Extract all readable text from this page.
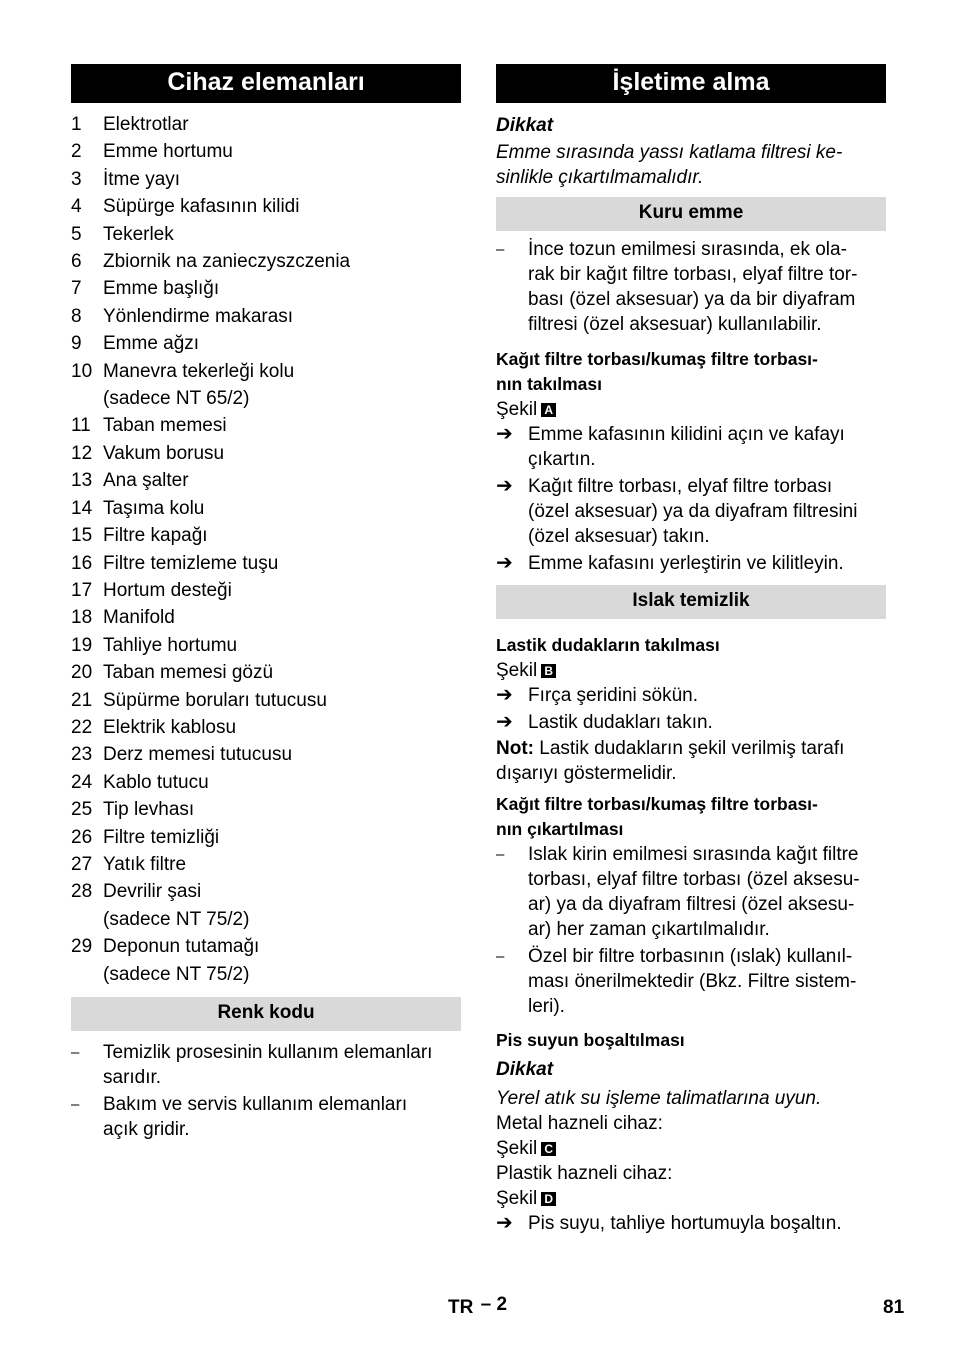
Cihaz elemanları
1	Elektrotlar
2	Emme hortumu
3	İtme yayı
4	Süpürge kafasının kilidi
5	Tekerlek
6	Zbiornik na zanieczyszczenia
7	Emme başlığı
8	Yönlendirme makarası
9	Emme ağzı
10 Manevra tekerleği kolu
(sadece NT 65/2)
11 Taban memesi
12 Vakum borusu
13 Ana şalter
14 Taşıma kolu
15 Filtre kapağı
16 Filtre temizleme tuşu
17 Hortum desteği
18 Manifold
19 Tahliye hortumu
20 Taban memesi gözü
21 Süpürme boruları tutucusu
22 Elektrik kablosu
23 Derz memesi tutucusu
24 Kablo tutucu
25 Tip levhası
26 Filtre temizliği
27 Yatık filtre
28 Devrilir şasi
(sadece NT 75/2)
29 Deponun tutamağı
(sadece NT 75/2)
Renk kodu
–	Temizlik prosesinin kullanım elemanları
sarıdır.
–	Bakım ve servis kullanım elemanları
açık gridir.
İşletime alma

Dikkat

Emme sırasında yassı katlama filtresi ke-
sinlikle çıkartılmamalıdır.

Kuru emme
–	İnce tozun emilmesi sırasında, ek ola-
rak bir kağıt filtre torbası, elyaf filtre tor-
bası (özel aksesuar) ya da bir diyafram
filtresi (özel aksesuar) kullanılabilir.

Kağıt filtre torbası/kumaş filtre torbası-
nın takılması

Şekil A

➔ Emme kafasının kilidini açın ve kafayı
çıkartın.
➔ Kağıt filtre torbası, elyaf filtre torbası
(özel aksesuar) ya da diyafram filtresini
(özel aksesuar) takın.
➔ Emme kafasını yerleştirin ve kilitleyin.
Islak temizlik

Lastik dudakların takılması

Şekil B

➔ Fırça şeridini sökün.
➔ Lastik dudakları takın.

Not: Lastik dudakların şekil verilmiş tarafı
dışarıyı göstermelidir.

Kağıt filtre torbası/kumaş filtre torbası-
nın çıkartılması

–	Islak kirin emilmesi sırasında kağıt filtre
torbası, elyaf filtre torbası (özel aksesu-
ar) ya da diyafram filtresi (özel aksesu-
ar) her zaman çıkartılmalıdır.
–	Özel bir filtre torbasının (ıslak) kullanıl-
ması önerilmektedir (Bkz. Filtre sistem-
leri).

Pis suyun boşaltılması

Dikkat

Yerel atık su işleme talimatlarına uyun.

Metal hazneli cihaz:

Şekil C

Plastik hazneli cihaz:

Şekil D

➔ Pis suyu, tahliye hortumuyla boşaltın.
TR – 2	81
